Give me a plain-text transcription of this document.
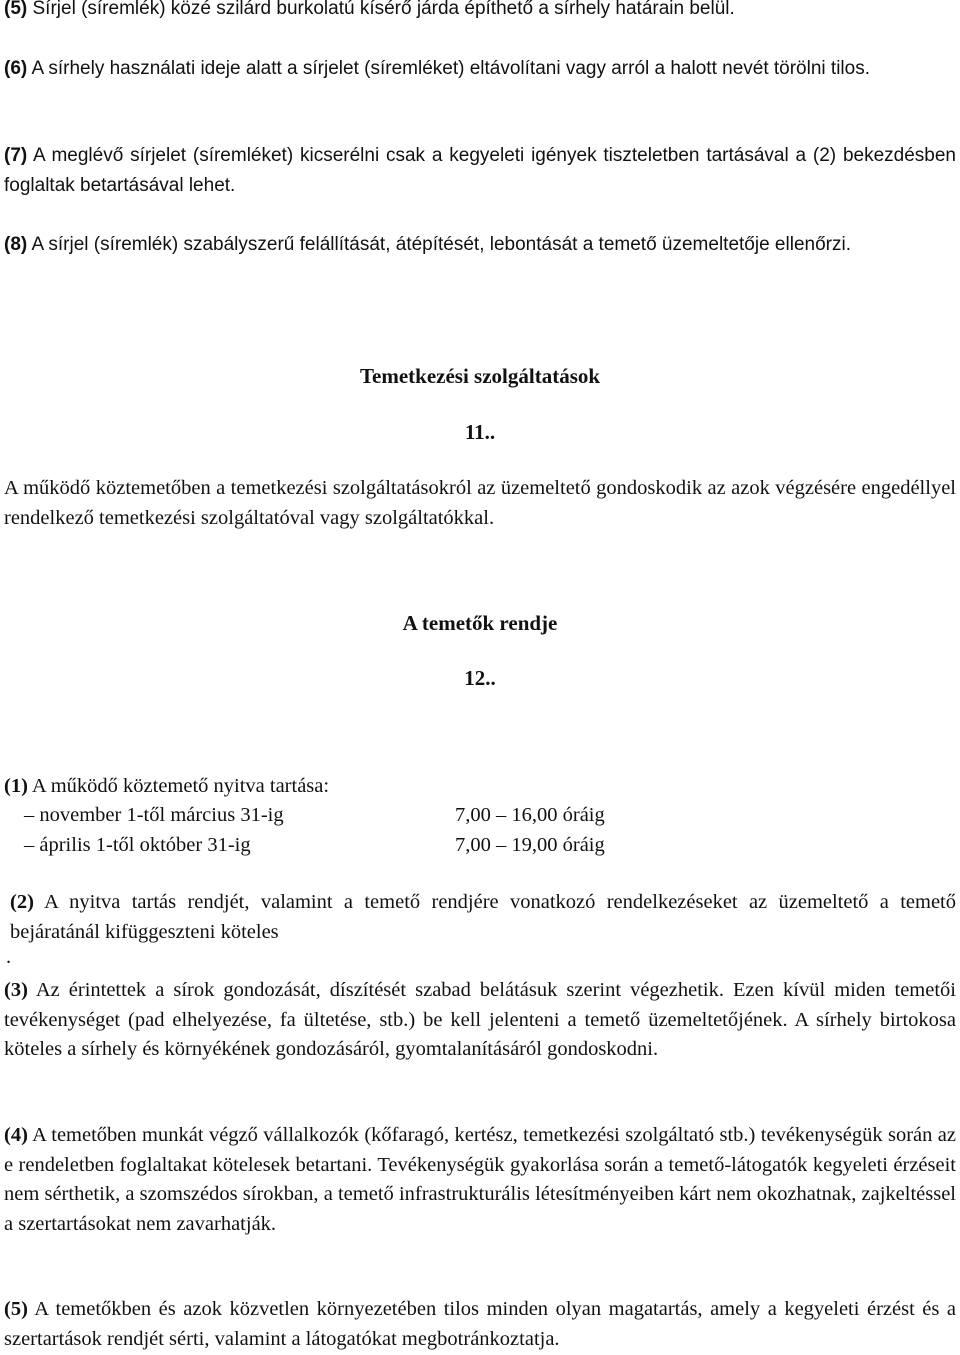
(5) Sírjel (síremlék) közé szilárd burkolatú kísérő járda építhető a sírhely határain belül.

(6) A sírhely használati ideje alatt a sírjelet (síremléket) eltávolítani vagy arról a halott nevét törölni tilos.

(7) A meglévő sírjelet (síremléket) kicserélni csak a kegyeleti igények tiszteletben tartásával a (2) bekezdésben foglaltak betartásával lehet.

(8) A sírjel (síremlék) szabályszerű felállítását, átépítését, lebontását a temető üzemeltetője ellenőrzi.

Temetkezési szolgáltatások
11..

A működő köztemetőben a temetkezési szolgáltatásokról az üzemeltető gondoskodik az azok végzésére engedéllyel rendelkező temetkezési szolgáltatóval vagy szolgáltatókkal.

A temetők rendje
12..

(1) A működő köztemető nyitva tartása:

– november 1-től március 31-ig	7,00 – 16,00 óráig
– április 1-től október 31-ig	7,00 – 19,00 óráig

(2) A nyitva tartás rendjét, valamint a temető rendjére vonatkozó rendelkezéseket az üzemeltető a temető bejáratánál kifüggeszteni köteles

.

(3) Az érintettek a sírok gondozását, díszítését szabad belátásuk szerint végezhetik. Ezen kívül miden temetői tevékenységet (pad elhelyezése, fa ültetése, stb.) be kell jelenteni a temető üzemeltetőjének. A sírhely birtokosa köteles a sírhely és környékének gondozásáról, gyomtalanításáról gondoskodni.

(4) A temetőben munkát végző vállalkozók (kőfaragó, kertész, temetkezési szolgáltató stb.) tevékenységük során az e rendeletben foglaltakat kötelesek betartani. Tevékenységük gyakorlása során a temető-látogatók kegyeleti érzéseit nem sérthetik, a szomszédos sírokban, a temető infrastrukturális létesítményeiben kárt nem okozhatnak, zajkeltéssel a szertartásokat nem zavarhatják.

(5) A temetőkben és azok közvetlen környezetében tilos minden olyan magatartás, amely a kegyeleti érzést és a szertartások rendjét sérti, valamint a látogatókat megbotránkoztatja.
